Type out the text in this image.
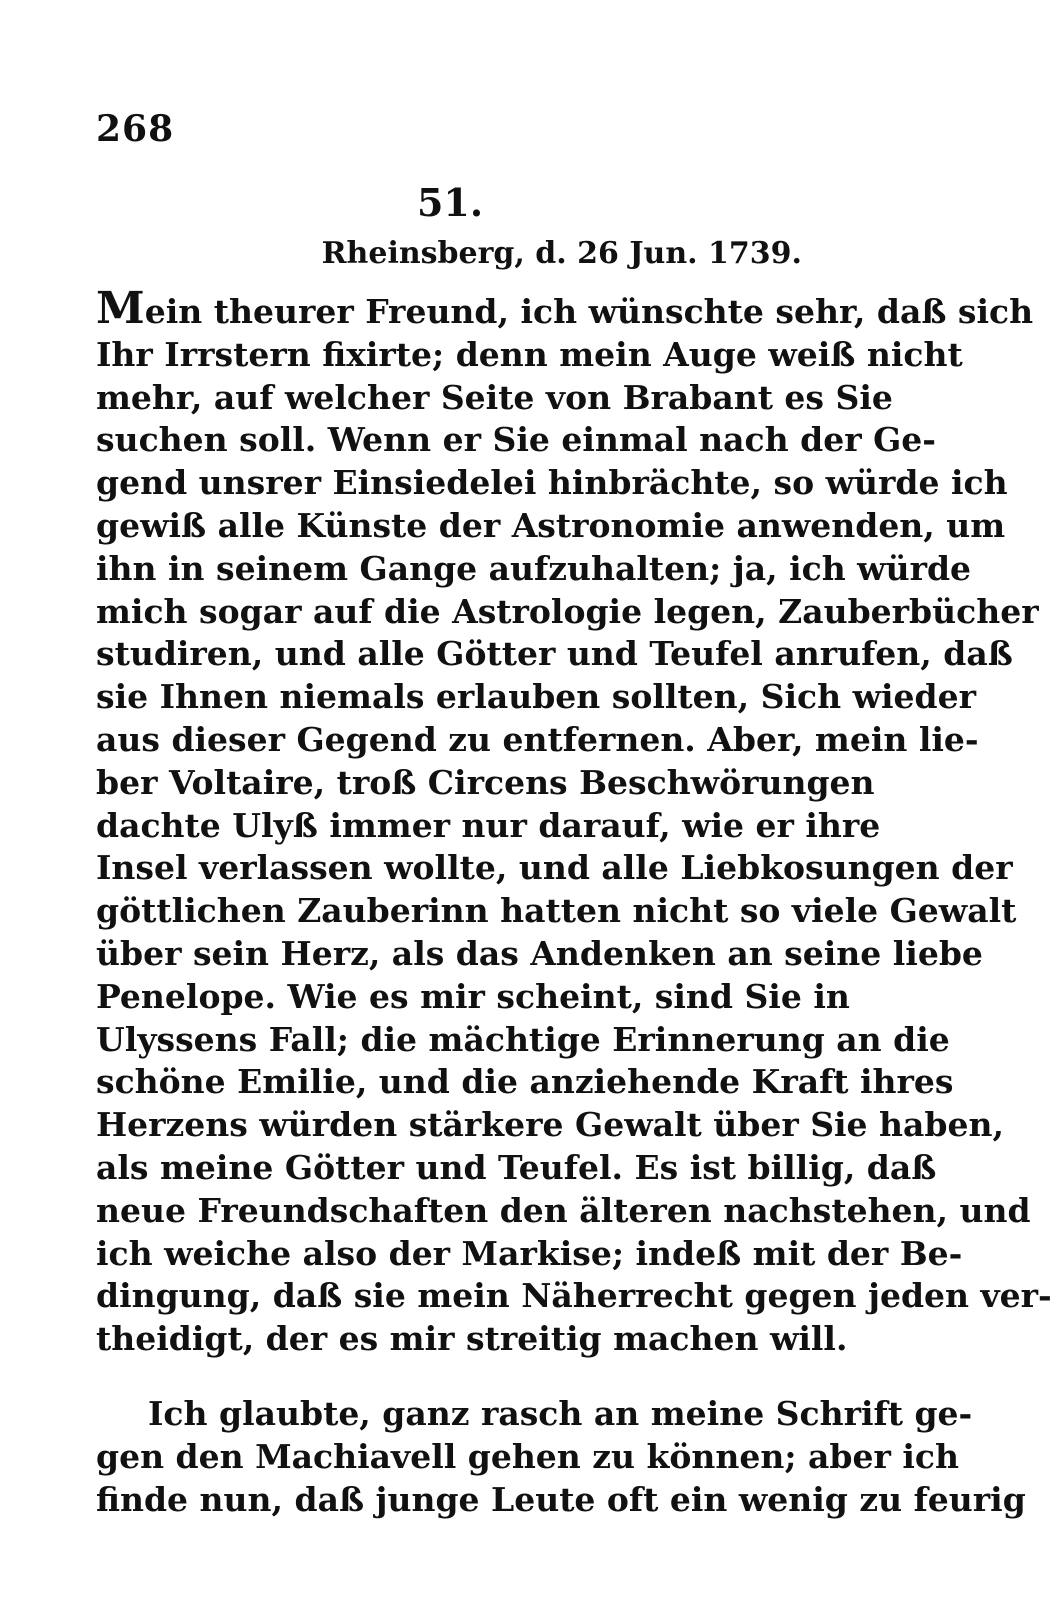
268
51.
Rheinsberg, d. 26 Jun. 1739.
Mein theurer Freund, ich wünschte sehr, daß sich
Ihr Irrstern fixirte; denn mein Auge weiß nicht
mehr, auf welcher Seite von Brabant es Sie
suchen soll. Wenn er Sie einmal nach der Ge-
gend unsrer Einsiedelei hinbrächte, so würde ich
gewiß alle Künste der Astronomie anwenden, um
ihn in seinem Gange aufzuhalten; ja, ich würde
mich sogar auf die Astrologie legen, Zauberbücher
studiren, und alle Götter und Teufel anrufen, daß
sie Ihnen niemals erlauben sollten, Sich wieder
aus dieser Gegend zu entfernen. Aber, mein lie-
ber Voltaire, troß Circens Beschwörungen
dachte Ulyß immer nur darauf, wie er ihre
Insel verlassen wollte, und alle Liebkosungen der
göttlichen Zauberinn hatten nicht so viele Gewalt
über sein Herz, als das Andenken an seine liebe
Penelope. Wie es mir scheint, sind Sie in
Ulyssens Fall; die mächtige Erinnerung an die
schöne Emilie, und die anziehende Kraft ihres
Herzens würden stärkere Gewalt über Sie haben,
als meine Götter und Teufel. Es ist billig, daß
neue Freundschaften den älteren nachstehen, und
ich weiche also der Markise; indeß mit der Be-
dingung, daß sie mein Näherrecht gegen jeden ver-
theidigt, der es mir streitig machen will.
Ich glaubte, ganz rasch an meine Schrift ge-
gen den Machiavell gehen zu können; aber ich
finde nun, daß junge Leute oft ein wenig zu feurig
